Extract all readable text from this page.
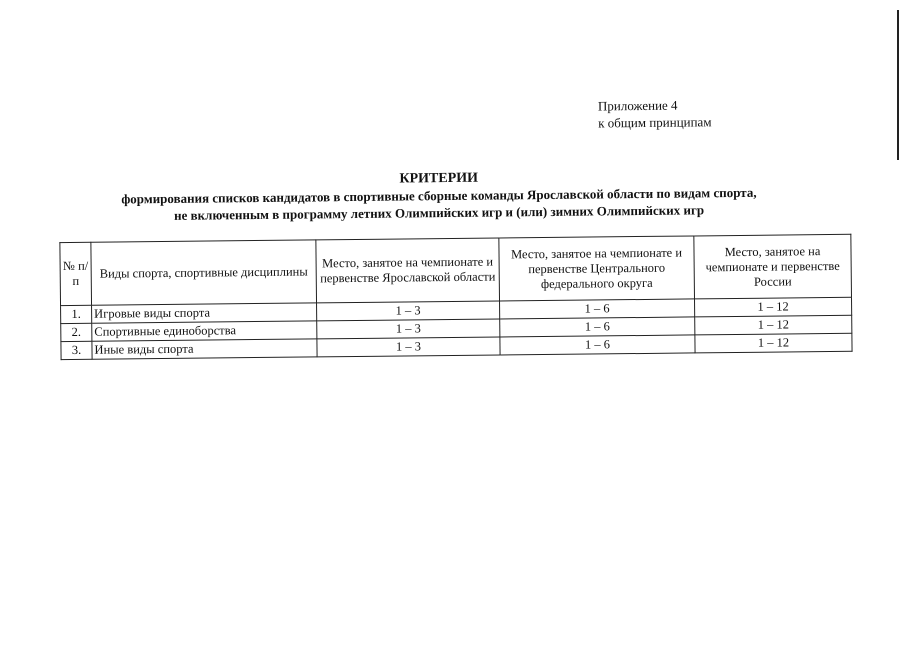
Приложение 4
к общим принципам
КРИТЕРИИ
формирования списков кандидатов в спортивные сборные команды Ярославской области по видам спорта,
не включенным в программу летних Олимпийских игр и (или) зимних Олимпийских игр
№ п/п	Виды спорта, спортивные дисциплины	Место, занятое на чемпионате и первенстве Ярославской области	Место, занятое на чемпионате и первенстве Центрального федерального округа	Место, занятое на чемпионате и первенстве России
1.	Игровые виды спорта	1 – 3	1 – 6	1 – 12
2.	Спортивные единоборства	1 – 3	1 – 6	1 – 12
3.	Иные виды спорта	1 – 3	1 – 6	1 – 12
